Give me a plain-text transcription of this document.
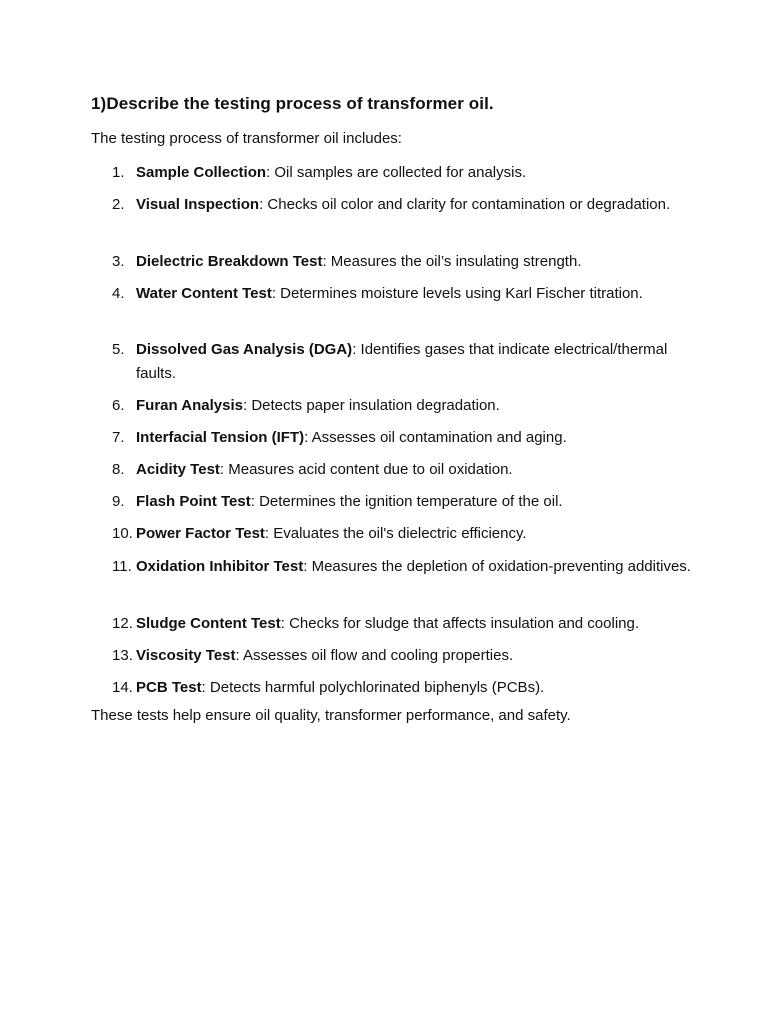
1)Describe the testing process of transformer oil.
The testing process of transformer oil includes:
1. Sample Collection: Oil samples are collected for analysis.
2. Visual Inspection: Checks oil color and clarity for contamination or degradation.
3. Dielectric Breakdown Test: Measures the oil’s insulating strength.
4. Water Content Test: Determines moisture levels using Karl Fischer titration.
5. Dissolved Gas Analysis (DGA): Identifies gases that indicate electrical/thermal faults.
6. Furan Analysis: Detects paper insulation degradation.
7. Interfacial Tension (IFT): Assesses oil contamination and aging.
8. Acidity Test: Measures acid content due to oil oxidation.
9. Flash Point Test: Determines the ignition temperature of the oil.
10. Power Factor Test: Evaluates the oil's dielectric efficiency.
11. Oxidation Inhibitor Test: Measures the depletion of oxidation-preventing additives.
12. Sludge Content Test: Checks for sludge that affects insulation and cooling.
13. Viscosity Test: Assesses oil flow and cooling properties.
14. PCB Test: Detects harmful polychlorinated biphenyls (PCBs).
These tests help ensure oil quality, transformer performance, and safety.
